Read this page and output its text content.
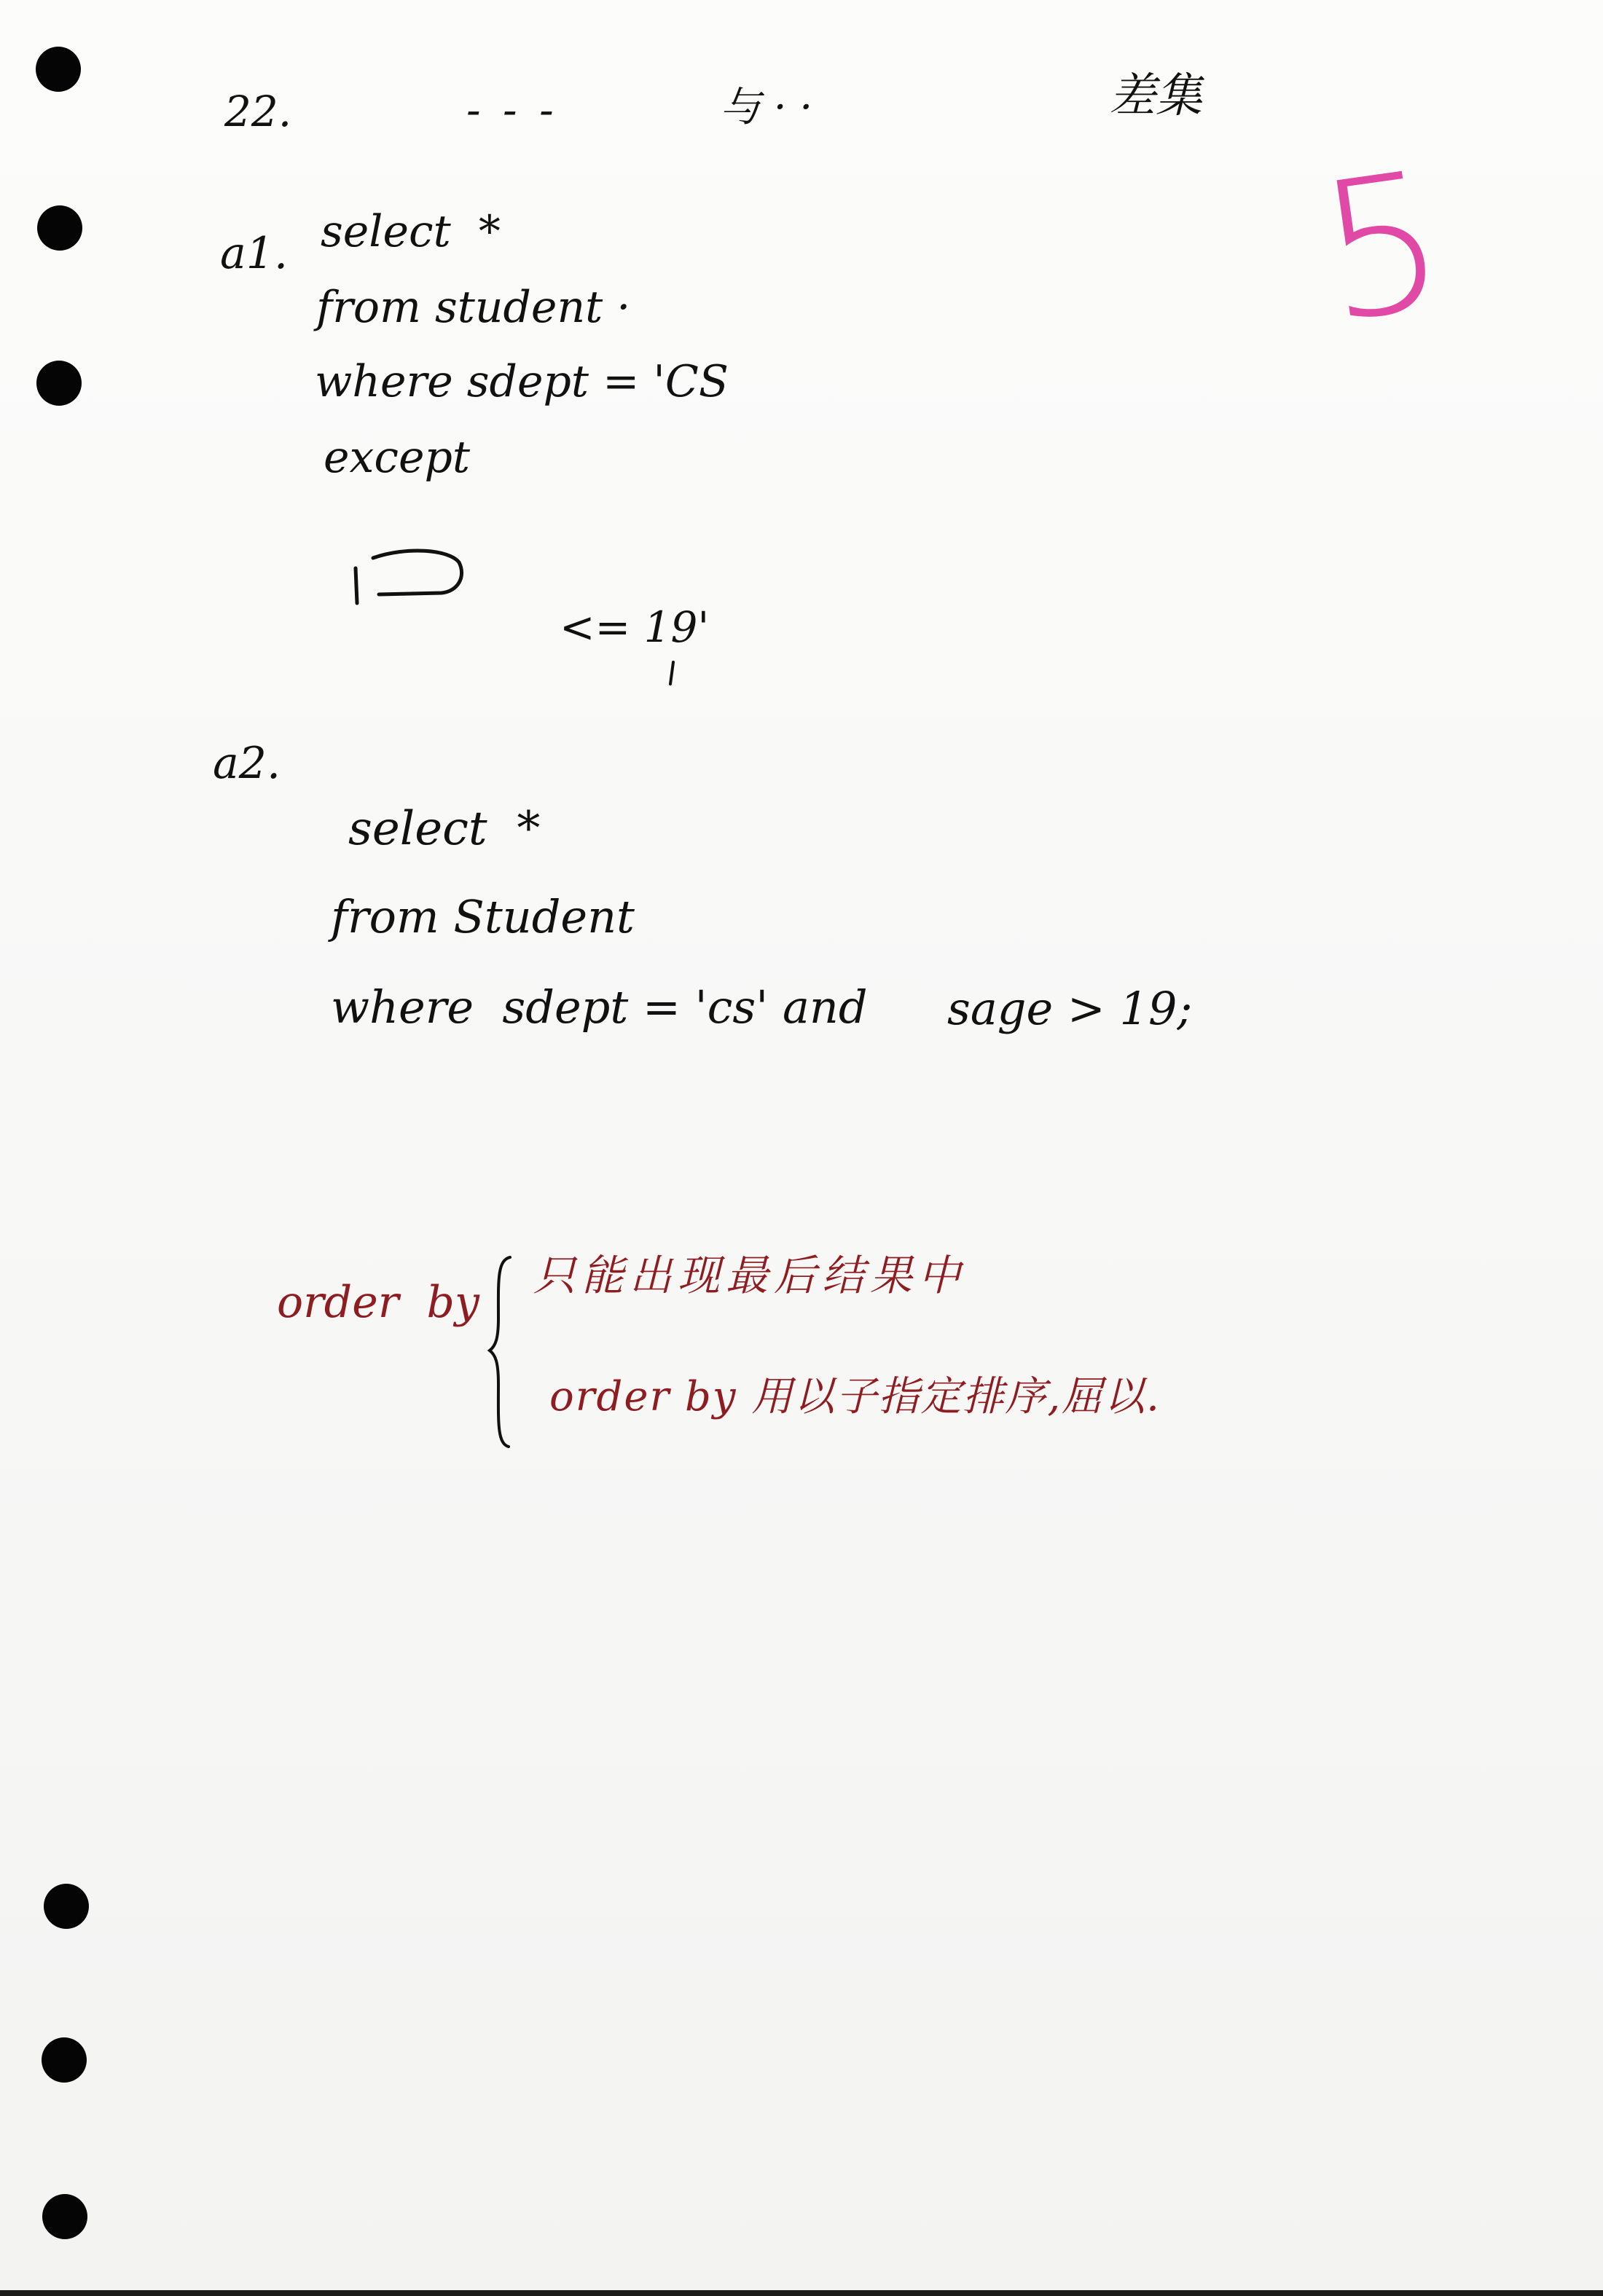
22.	- - -	与 · ·	差集
5
a1. select  *
from student ·
where sdept = 'CS
except
<= 19'
a2.
select  *
from Student
where  sdept = 'cs' and sage > 19;
order  by
只能出现最后结果中
order by 用以子指定排序,屈以.
